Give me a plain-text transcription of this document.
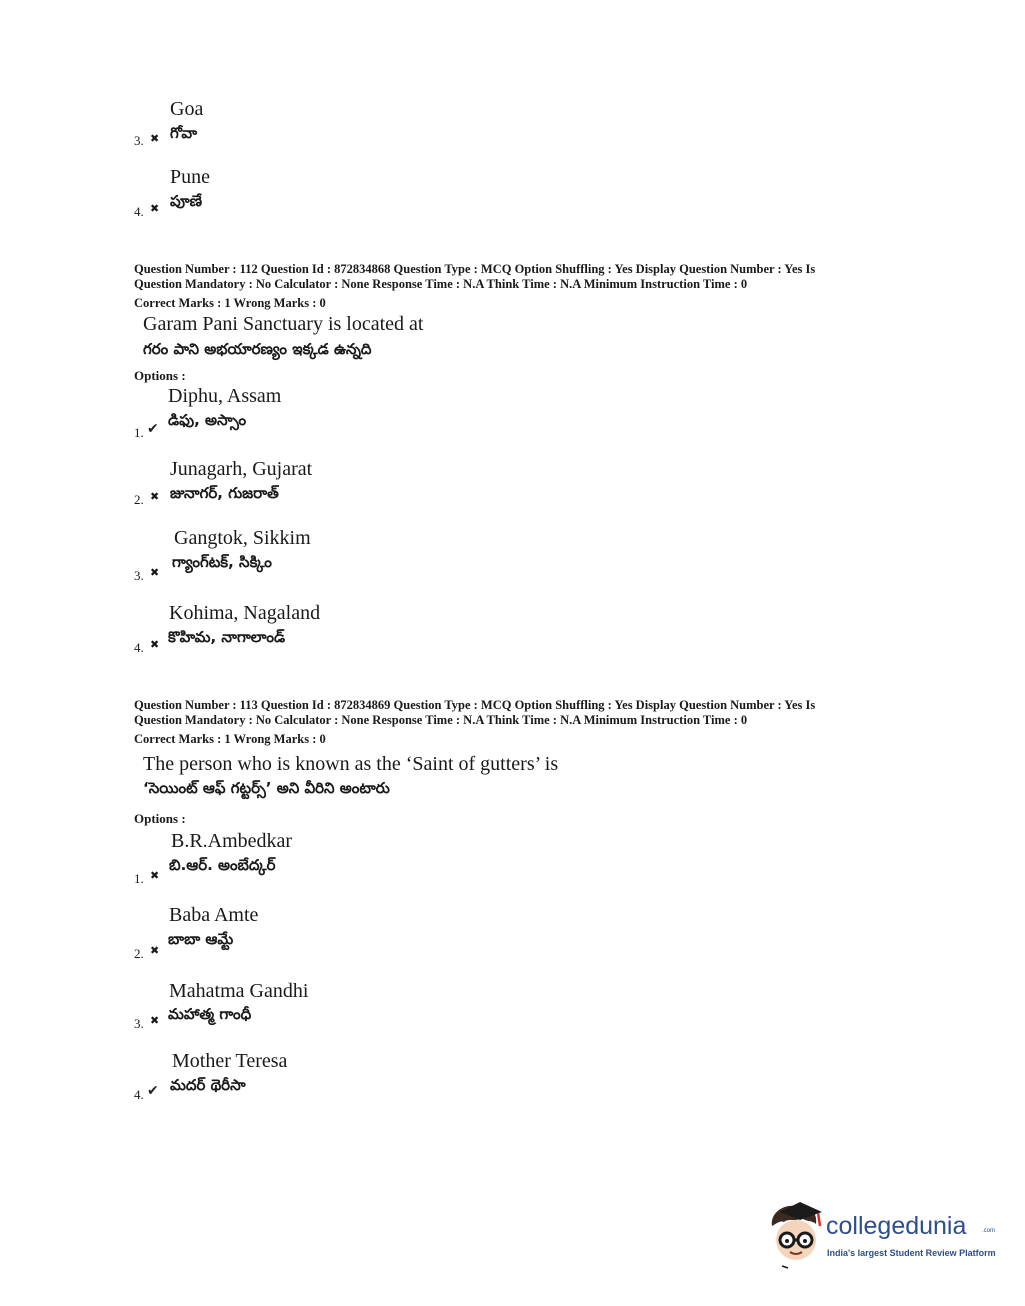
Goa
గోవా
3. ✖
Pune
పూణే
4. ✖
Question Number : 112 Question Id : 872834868 Question Type : MCQ Option Shuffling : Yes Display Question Number : Yes Is
Question Mandatory : No Calculator : None Response Time : N.A Think Time : N.A Minimum Instruction Time : 0
Correct Marks : 1 Wrong Marks : 0
Garam Pani Sanctuary is located at
గరం పాని అభయారణ్యం ఇక్కడ ఉన్నది
Options :
Diphu, Assam
డిఫు, అస్సాం
1. ✔
Junagarh, Gujarat
జునాగర్, గుజరాత్
2. ✖
Gangtok, Sikkim
గ్యాంగ్‌టక్, సిక్కిం
3. ✖
Kohima, Nagaland
కొహిమ, నాగాలాండ్
4. ✖
Question Number : 113 Question Id : 872834869 Question Type : MCQ Option Shuffling : Yes Display Question Number : Yes Is
Question Mandatory : No Calculator : None Response Time : N.A Think Time : N.A Minimum Instruction Time : 0
Correct Marks : 1 Wrong Marks : 0
The person who is known as the ‘Saint of gutters’ is
‘సెయింట్ ఆఫ్ గట్టర్స్’ అని వీరిని అంటారు
Options :
B.R.Ambedkar
బి.ఆర్. అంబేద్కర్
1. ✖
Baba Amte
బాబా ఆమ్టే
2. ✖
Mahatma Gandhi
మహాత్మ గాంధీ
3. ✖
Mother Teresa
మదర్ థెరీసా
4. ✔
collegedunia	.com
India's largest Student Review Platform
